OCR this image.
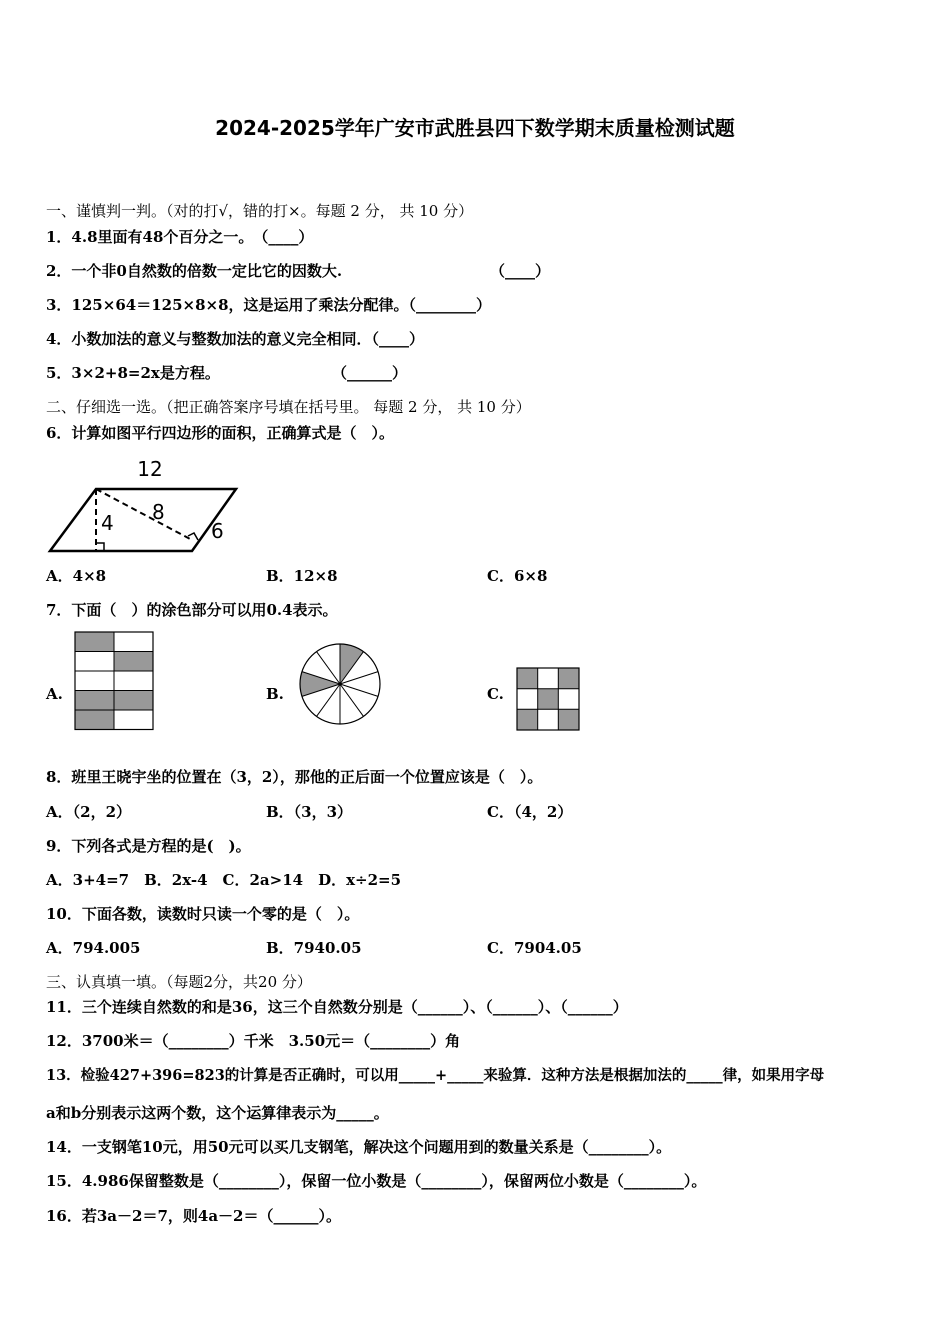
2024-2025学年广安市武胜县四下数学期末质量检测试题
一、谨慎判一判。（对的打√，错的打×。每题 2 分， 共 10 分）
1．4.8里面有48个百分之一。　（____）
2．一个非0自然数的倍数一定比它的因数大.	（____）
3．125×64＝125×8×8，这是运用了乘法分配律。（________）
4．小数加法的意义与整数加法的意义完全相同．（____）
5．3×2+8=2x是方程。	（______）
二、仔细选一选。（把正确答案序号填在括号里。 每题 2 分， 共 10 分）
6．计算如图平行四边形的面积，正确算式是（　）。
12
4 8
6
A．4×8	B．12×8	C．6×8
7．下面（　）的涂色部分可以用0.4表示。
A.	B.	C.
8．班里王晓宇坐的位置在（3，2），那他的正后面一个位置应该是（　）。
A．（2，2）	B．（3，3）	C．（4，2）
9．下列各式是方程的是(　)。
A．3+4=7　B．2x-4　C．2a>14　D．x÷2=5
10．下面各数，读数时只读一个零的是（　）。
A．794.005	B．7940.05	C．7904.05
三、认真填一填。（每题2分，共20 分）
11．三个连续自然数的和是36，这三个自然数分别是（______）、（______）、（______）
12．3700米＝（________）千米　3.50元＝（________）角
13．检验427+396=823的计算是否正确时，可以用_____+_____来验算．这种方法是根据加法的_____律，如果用字母
a和b分别表示这两个数，这个运算律表示为_____。
14．一支钢笔10元，用50元可以买几支钢笔，解决这个问题用到的数量关系是（________）。
15．4.986保留整数是（________），保留一位小数是（________），保留两位小数是（________）。
16．若3a－2＝7，则4a－2＝（______）。
